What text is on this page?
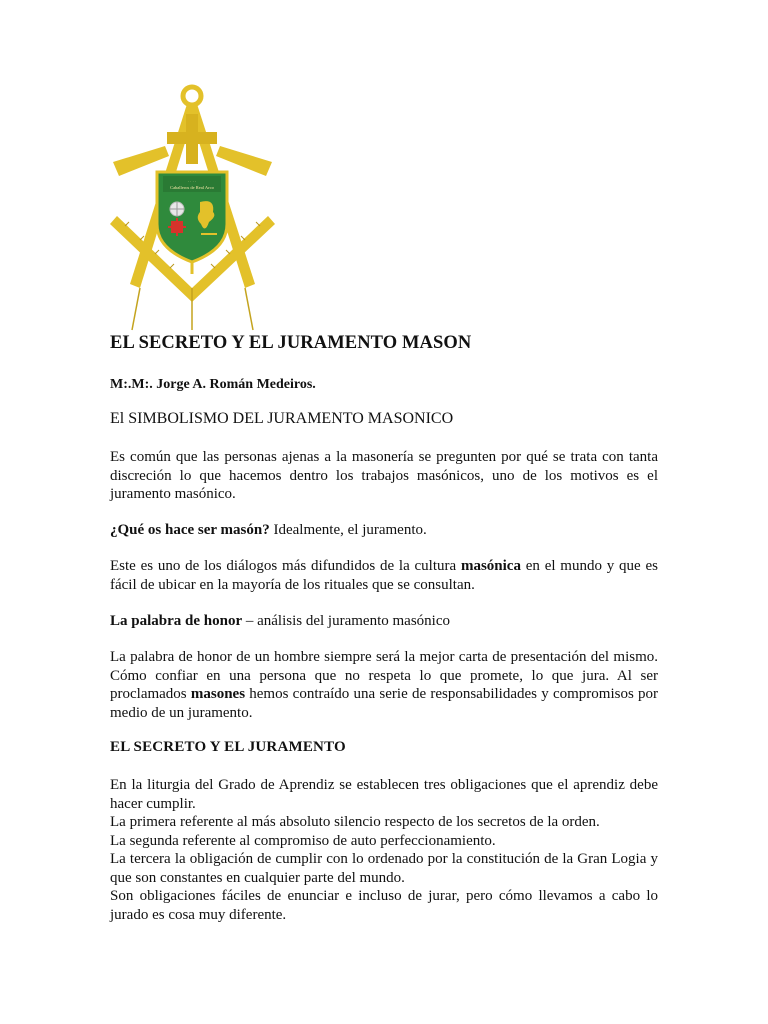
· · · ·
Caballeros de Real Arco
EL SECRETO Y EL JURAMENTO MASON

M:.M:. Jorge A. Román Medeiros.

El SIMBOLISMO DEL JURAMENTO MASONICO

Es común que las personas ajenas a la masonería se pregunten por qué se trata con tanta discreción lo que hacemos dentro los trabajos masónicos, uno de los motivos es el juramento masónico.

¿Qué os hace ser masón? Idealmente, el juramento.

Este es uno de los diálogos más difundidos de la cultura masónica en el mundo y que es fácil de ubicar en la mayoría de los rituales que se consultan.

La palabra de honor – análisis del juramento masónico

La palabra de honor de un hombre siempre será la mejor carta de presentación del mismo. Cómo confiar en una persona que no respeta lo que promete, lo que jura. Al ser proclamados masones hemos contraído una serie de responsabilidades y compromisos por medio de un juramento.

EL SECRETO Y EL JURAMENTO

En la liturgia del Grado de Aprendiz se establecen tres obligaciones que el aprendiz debe hacer cumplir.
La primera referente al más absoluto silencio respecto de los secretos de la orden.
La segunda referente al compromiso de auto perfeccionamiento.
La tercera la obligación de cumplir con lo ordenado por la constitución de la Gran Logia y que son constantes en cualquier parte del mundo.
Son obligaciones fáciles de enunciar e incluso de jurar, pero cómo llevamos a cabo lo jurado es cosa muy diferente.
